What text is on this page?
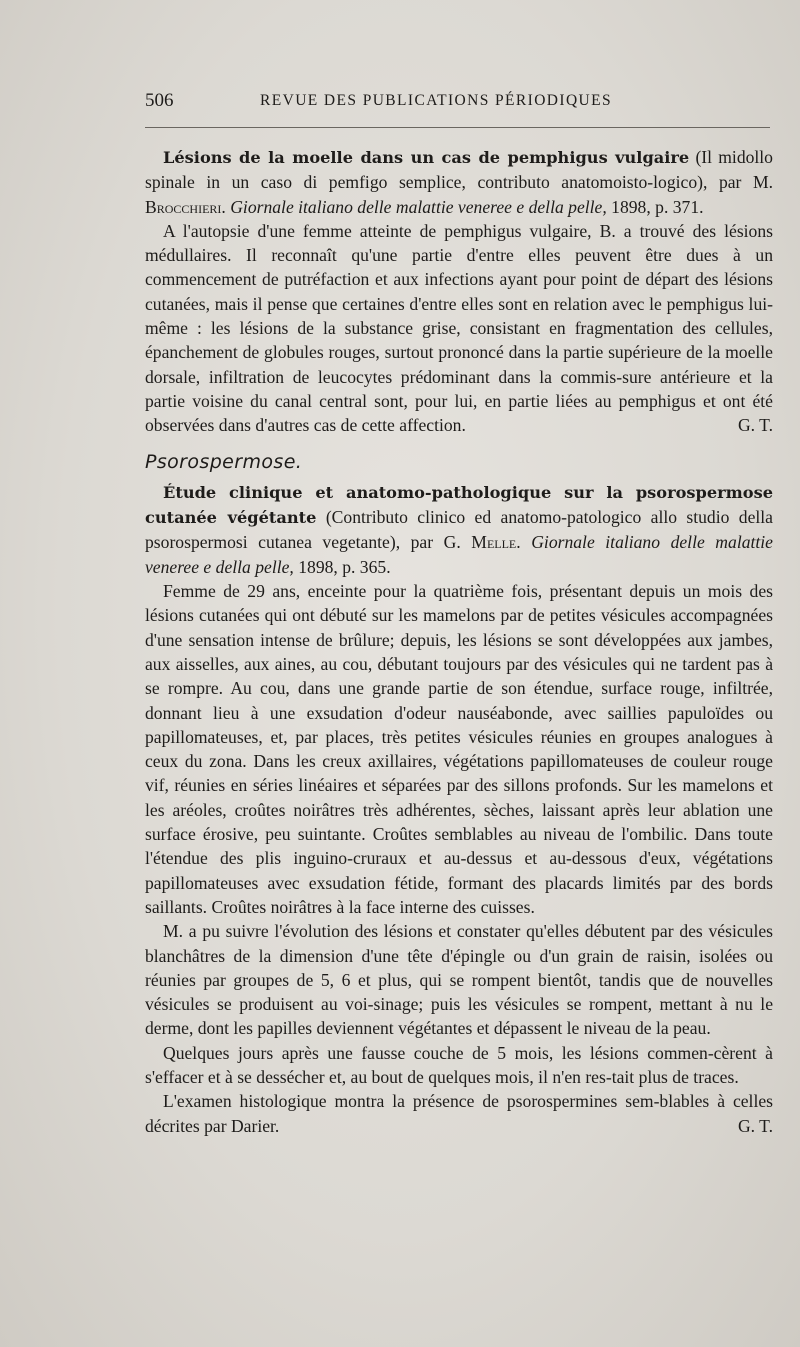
506	REVUE DES PUBLICATIONS PÉRIODIQUES

Lésions de la moelle dans un cas de pemphigus vulgaire (Il midollo spinale in un caso di pemfigo semplice, contributo anatomoisto-logico), par M. Brocchieri. Giornale italiano delle malattie veneree e della pelle, 1898, p. 371.

A l'autopsie d'une femme atteinte de pemphigus vulgaire, B. a trouvé des lésions médullaires. Il reconnaît qu'une partie d'entre elles peuvent être dues à un commencement de putréfaction et aux infections ayant pour point de départ des lésions cutanées, mais il pense que certaines d'entre elles sont en relation avec le pemphigus lui-même : les lésions de la substance grise, consistant en fragmentation des cellules, épanchement de globules rouges, surtout prononcé dans la partie supérieure de la moelle dorsale, infiltration de leucocytes prédominant dans la commis-sure antérieure et la partie voisine du canal central sont, pour lui, en partie liées au pemphigus et ont été observées dans d'autres cas de cette affection.	G. T.

Psorospermose.

Étude clinique et anatomo-pathologique sur la psorospermose cutanée végétante (Contributo clinico ed anatomo-patologico allo studio della psorospermosi cutanea vegetante), par G. Melle. Giornale italiano delle malattie veneree e della pelle, 1898, p. 365.

Femme de 29 ans, enceinte pour la quatrième fois, présentant depuis un mois des lésions cutanées qui ont débuté sur les mamelons par de petites vésicules accompagnées d'une sensation intense de brûlure; depuis, les lésions se sont développées aux jambes, aux aisselles, aux aines, au cou, débutant toujours par des vésicules qui ne tardent pas à se rompre. Au cou, dans une grande partie de son étendue, surface rouge, infiltrée, donnant lieu à une exsudation d'odeur nauséabonde, avec saillies papuloïdes ou papillomateuses, et, par places, très petites vésicules réunies en groupes analogues à ceux du zona. Dans les creux axillaires, végétations papillomateuses de couleur rouge vif, réunies en séries linéaires et séparées par des sillons profonds. Sur les mamelons et les aréoles, croûtes noirâtres très adhérentes, sèches, laissant après leur ablation une surface érosive, peu suintante. Croûtes semblables au niveau de l'ombilic. Dans toute l'étendue des plis inguino-cruraux et au-dessus et au-dessous d'eux, végétations papillomateuses avec exsudation fétide, formant des placards limités par des bords saillants. Croûtes noirâtres à la face interne des cuisses.

M. a pu suivre l'évolution des lésions et constater qu'elles débutent par des vésicules blanchâtres de la dimension d'une tête d'épingle ou d'un grain de raisin, isolées ou réunies par groupes de 5, 6 et plus, qui se rompent bientôt, tandis que de nouvelles vésicules se produisent au voi-sinage; puis les vésicules se rompent, mettant à nu le derme, dont les papilles deviennent végétantes et dépassent le niveau de la peau.

Quelques jours après une fausse couche de 5 mois, les lésions commen-cèrent à s'effacer et à se dessécher et, au bout de quelques mois, il n'en res-tait plus de traces.

L'examen histologique montra la présence de psorospermines sem-blables à celles décrites par Darier.	G. T.
